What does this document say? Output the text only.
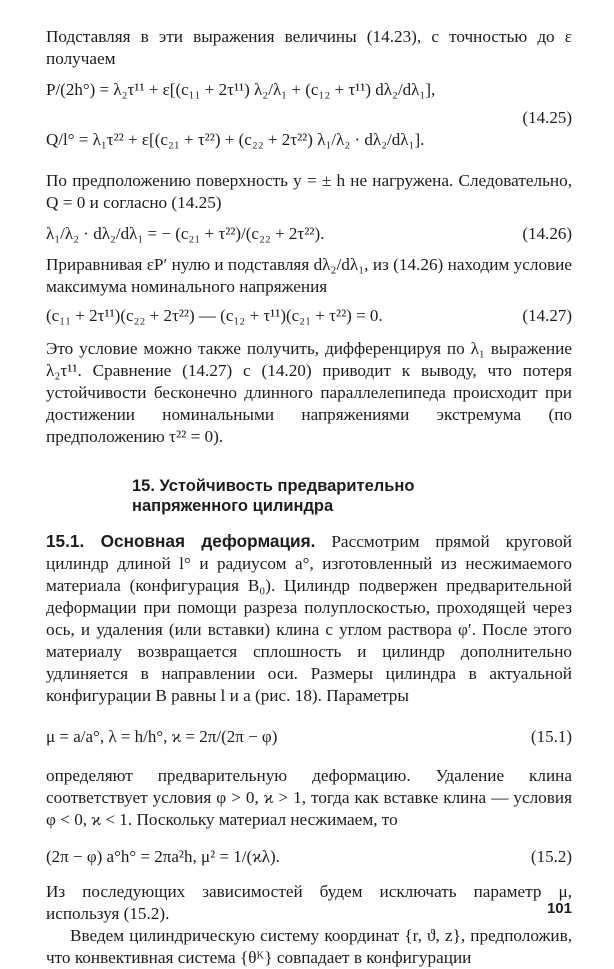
Подставляя в эти выражения величины (14.23), с точностью до ε получаем

P/(2h°) = λ₂τ¹¹ + ε[(c₁₁ + 2τ¹¹) λ₂/λ₁ + (c₁₂ + τ¹¹) dλ₂/dλ₁],
Q/l° = λ₁τ²² + ε[(c₂₁ + τ²²) + (c₂₂ + 2τ²²) λ₁/λ₂ · dλ₂/dλ₁].
(14.25)

По предположению поверхность y = ± h не нагружена. Следовательно, Q = 0 и согласно (14.25)

λ₁/λ₂ · dλ₂/dλ₁ = − (c₂₁ + τ²²)/(c₂₂ + 2τ²²).	(14.26)

Приравнивая εP′ нулю и подставляя dλ₂/dλ₁, из (14.26) находим условие максимума номинального напряжения

(c₁₁ + 2τ¹¹)(c₂₂ + 2τ²²) — (c₁₂ + τ¹¹)(c₂₁ + τ²²) = 0.	(14.27)

Это условие можно также получить, дифференцируя по λ₁ выражение λ₂τ¹¹. Сравнение (14.27) с (14.20) приводит к выводу, что потеря устойчивости бесконечно длинного параллелепипеда происходит при достижении номинальными напряжениями экстремума (по предположению τ²² = 0).

15. Устойчивость предварительно

напряженного цилиндра

15.1. Основная деформация. Рассмотрим прямой круговой цилиндр длиной l° и радиусом a°, изготовленный из несжимаемого материала (конфигурация B₀). Цилиндр подвержен предварительной деформации при помощи разреза полуплоскостью, проходящей через ось, и удаления (или вставки) клина с углом раствора φ′. После этого материалу возвращается сплошность и цилиндр дополнительно удлиняется в направлении оси. Размеры цилиндра в актуальной конфигурации B равны l и a (рис. 18). Параметры

μ = a/a°, λ = h/h°, ϰ = 2π/(2π − φ)	(15.1)

определяют предварительную деформацию. Удаление клина соответствует условия φ > 0, ϰ > 1, тогда как вставке клина — условия φ < 0, ϰ < 1. Поскольку материал несжимаем, то

(2π − φ) a°h° = 2πa²h, μ² = 1/(ϰλ).	(15.2)

Из последующих зависимостей будем исключать параметр μ, используя (15.2).

Введем цилиндрическую систему координат {r, ϑ, z}, предположив, что конвективная система {θᴷ} совпадает в конфигурации

101
